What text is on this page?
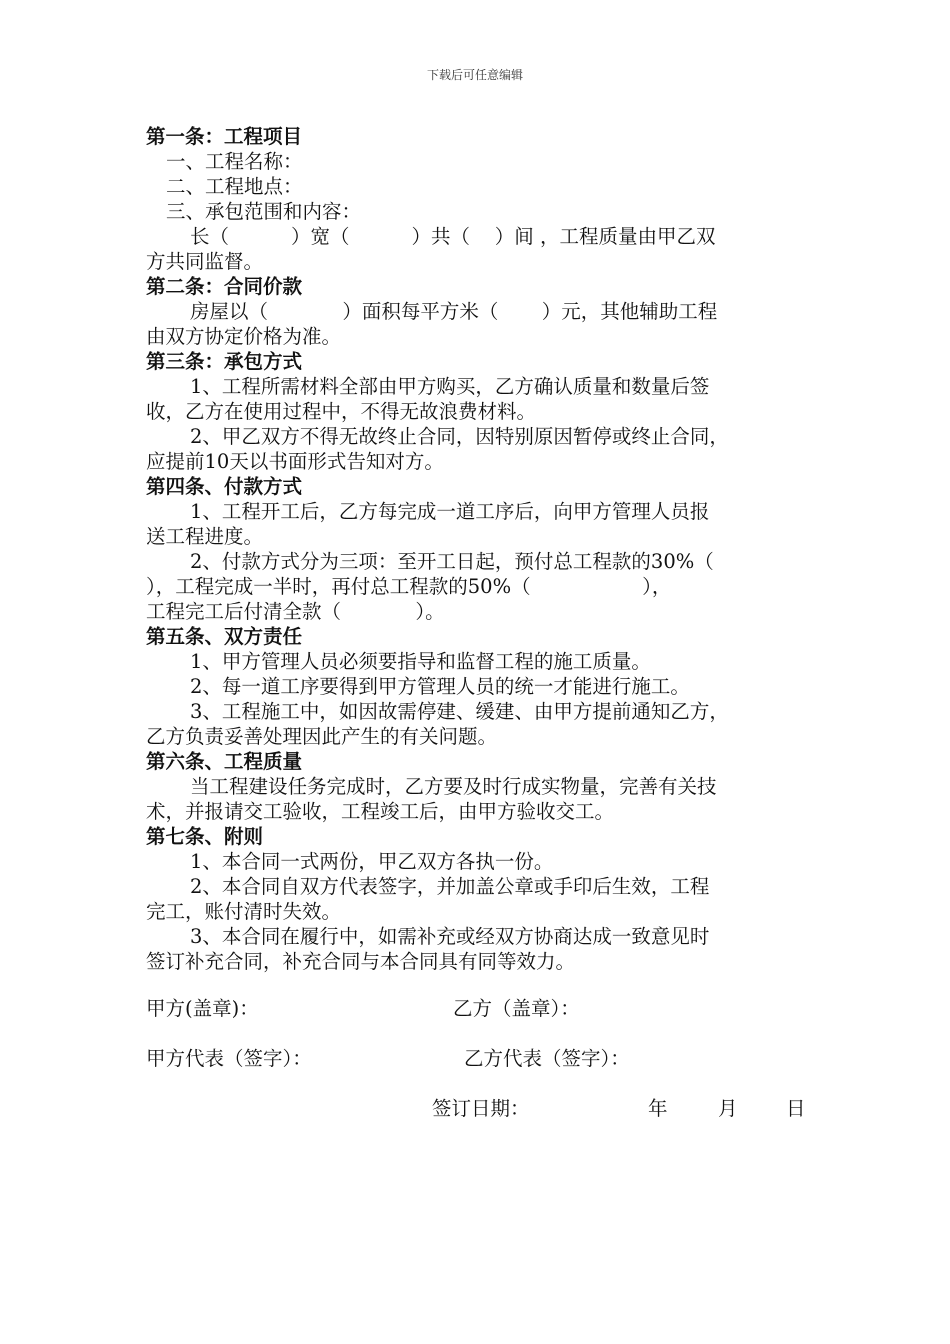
下载后可任意编辑

第一条：工程项目

一、工程名称：

二、工程地点：

三、承包范围和内容：

长（          ）宽（          ）共（    ）间 ，工程质量由甲乙双

方共同监督。

第二条：合同价款

房屋以（            ）面积每平方米（       ）元，其他辅助工程

由双方协定价格为准。

第三条：承包方式

1、工程所需材料全部由甲方购买，乙方确认质量和数量后签

收，乙方在使用过程中，不得无故浪费材料。

2、甲乙双方不得无故终止合同，因特别原因暂停或终止合同，

应提前10天以书面形式告知对方。

第四条、付款方式

1、工程开工后，乙方每完成一道工序后，向甲方管理人员报

送工程进度。

2、付款方式分为三项：至开工日起，预付总工程款的30%（

），工程完成一半时，再付总工程款的50%（                  ），

工程完工后付清全款（            ）。

第五条、双方责任

1、甲方管理人员必须要指导和监督工程的施工质量。

2、每一道工序要得到甲方管理人员的统一才能进行施工。

3、工程施工中，如因故需停建、缓建、由甲方提前通知乙方，

乙方负责妥善处理因此产生的有关问题。

第六条、工程质量

当工程建设任务完成时，乙方要及时行成实物量，完善有关技

术，并报请交工验收，工程竣工后，由甲方验收交工。

第七条、附则

1、本合同一式两份，甲乙双方各执一份。

2、本合同自双方代表签字，并加盖公章或手印后生效，工程

完工，账付清时失效。

3、本合同在履行中，如需补充或经双方协商达成一致意见时

签订补充合同，补充合同与本合同具有同等效力。

甲方(盖章)：

	乙方（盖章）：

甲方代表（签字）：

	乙方代表（签字）：

签订日期：

	年

	月

日
